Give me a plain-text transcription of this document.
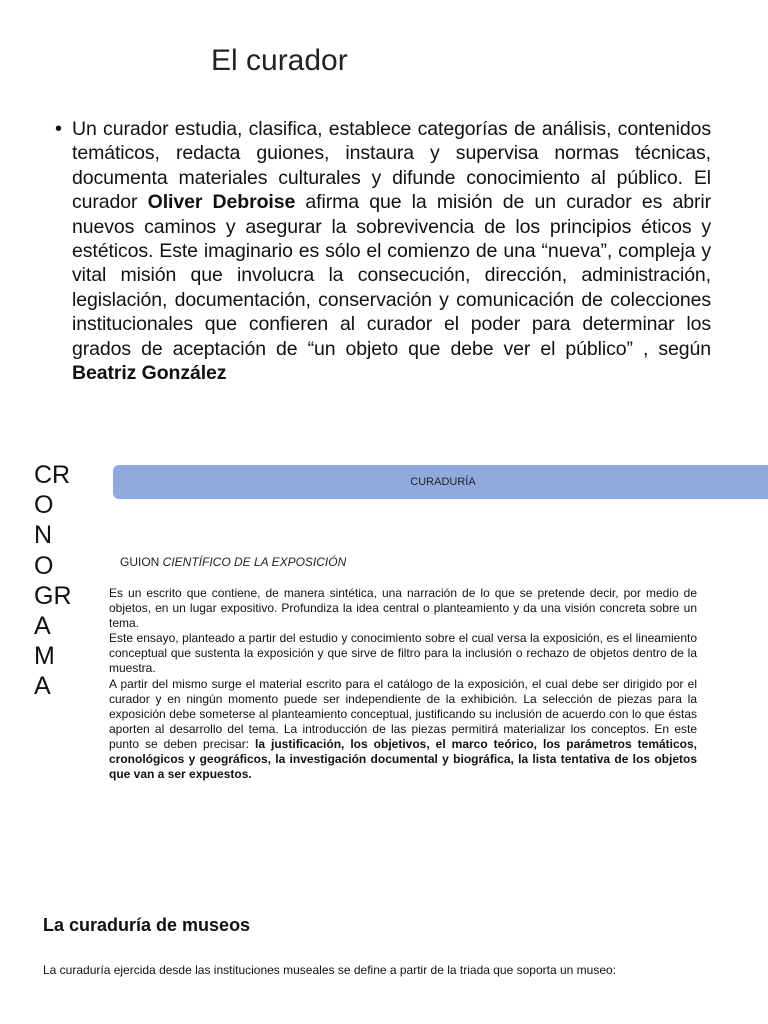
El curador
• Un curador estudia, clasifica, establece categorías de análisis, contenidos temáticos, redacta guiones, instaura y supervisa normas técnicas, documenta materiales culturales y difunde conocimiento al público. El curador Oliver Debroise afirma que la misión de un curador es abrir nuevos caminos y asegurar la sobrevivencia de los principios éticos y estéticos. Este imaginario es sólo el comienzo de una “nueva”, compleja y vital misión que involucra la consecución, dirección, administración, legislación, documentación, conservación y comunicación de colecciones institucionales que confieren al curador el poder para determinar los grados de aceptación de “un objeto que debe ver el público” , según Beatriz González
CR
O
N
O
GR
A
M
A
CURADURÍA
GUION CIENTÍFICO DE LA EXPOSICIÓN

Es un escrito que contiene, de manera sintética, una narración de lo que se pretende decir, por medio de objetos, en un lugar expositivo. Profundiza la idea central o planteamiento y da una visión concreta sobre un tema.

Este ensayo, planteado a partir del estudio y conocimiento sobre el cual versa la exposición, es el lineamiento conceptual que sustenta la exposición y que sirve de filtro para la inclusión o rechazo de objetos dentro de la muestra.

A partir del mismo surge el material escrito para el catálogo de la exposición, el cual debe ser dirigido por el curador y en ningún momento puede ser independiente de la exhibición. La selección de piezas para la exposición debe someterse al planteamiento conceptual, justificando su inclusión de acuerdo con lo que éstas aporten al desarrollo del tema. La introducción de las piezas permitirá materializar los conceptos. En este punto se deben precisar: la justificación, los objetivos, el marco teórico, los parámetros temáticos, cronológicos y geográficos, la investigación documental y biográfica, la lista tentativa de los objetos que van a ser expuestos.

La curaduría de museos
La curaduría ejercida desde las instituciones museales se define a partir de la triada que soporta un museo:
